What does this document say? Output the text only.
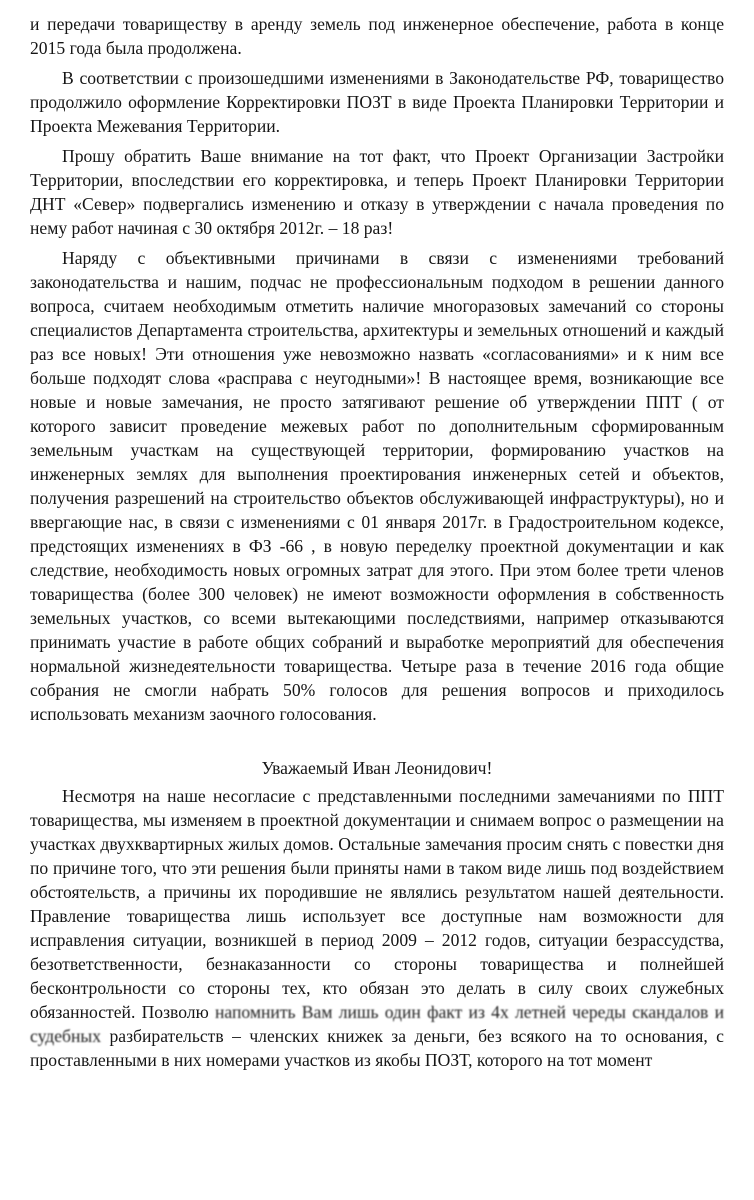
и передачи товариществу в аренду земель под инженерное обеспечение, работа в конце 2015 года была продолжена.

В соответствии с произошедшими изменениями в Законодательстве РФ, товарищество продолжило оформление Корректировки ПОЗТ в виде Проекта Планировки Территории и Проекта Межевания Территории.

Прошу обратить Ваше внимание на тот факт, что Проект Организации Застройки Территории, впоследствии его корректировка, и теперь Проект Планировки Территории ДНТ «Север» подвергались изменению и отказу в утверждении с начала проведения по нему работ начиная с 30 октября 2012г. – 18 раз!

Наряду с объективными причинами в связи с изменениями требований законодательства и нашим, подчас не профессиональным подходом в решении данного вопроса, считаем необходимым отметить наличие многоразовых замечаний со стороны специалистов Департамента строительства, архитектуры и земельных отношений и каждый раз все новых! Эти отношения уже невозможно назвать «согласованиями» и к ним все больше подходят слова «расправа с неугодными»! В настоящее время, возникающие все новые и новые замечания, не просто затягивают решение об утверждении ППТ ( от которого зависит проведение межевых работ по дополнительным сформированным земельным участкам на существующей территории, формированию участков на инженерных землях для выполнения проектирования инженерных сетей и объектов, получения разрешений на строительство объектов обслуживающей инфраструктуры), но и ввергающие нас, в связи с изменениями с 01 января 2017г. в Градостроительном кодексе, предстоящих изменениях в ФЗ -66 , в новую переделку проектной документации и как следствие, необходимость новых огромных затрат для этого. При этом более трети членов товарищества (более 300 человек) не имеют возможности оформления в собственность земельных участков, со всеми вытекающими последствиями, например отказываются принимать участие в работе общих собраний и выработке мероприятий для обеспечения нормальной жизнедеятельности товарищества. Четыре раза в течение 2016 года общие собрания не смогли набрать 50% голосов для решения вопросов и приходилось использовать механизм заочного голосования.

Уважаемый Иван Леонидович!

Несмотря на наше несогласие с представленными последними замечаниями по ППТ товарищества, мы изменяем в проектной документации и снимаем вопрос о размещении на участках двухквартирных жилых домов. Остальные замечания просим снять с повестки дня по причине того, что эти решения были приняты нами в таком виде лишь под воздействием обстоятельств, а причины их породившие не являлись результатом нашей деятельности. Правление товарищества лишь использует все доступные нам возможности для исправления ситуации, возникшей в период 2009 – 2012 годов, ситуации безрассудства, безответственности, безнаказанности со стороны товарищества и полнейшей бесконтрольности со стороны тех, кто обязан это делать в силу своих служебных обязанностей. Позволю напомнить Вам лишь один факт из 4х летней череды скандалов и судебных разбирательств – членских книжек за деньги, без всякого на то основания, с проставленными в них номерами участков из якобы ПОЗТ, которого на тот момент
